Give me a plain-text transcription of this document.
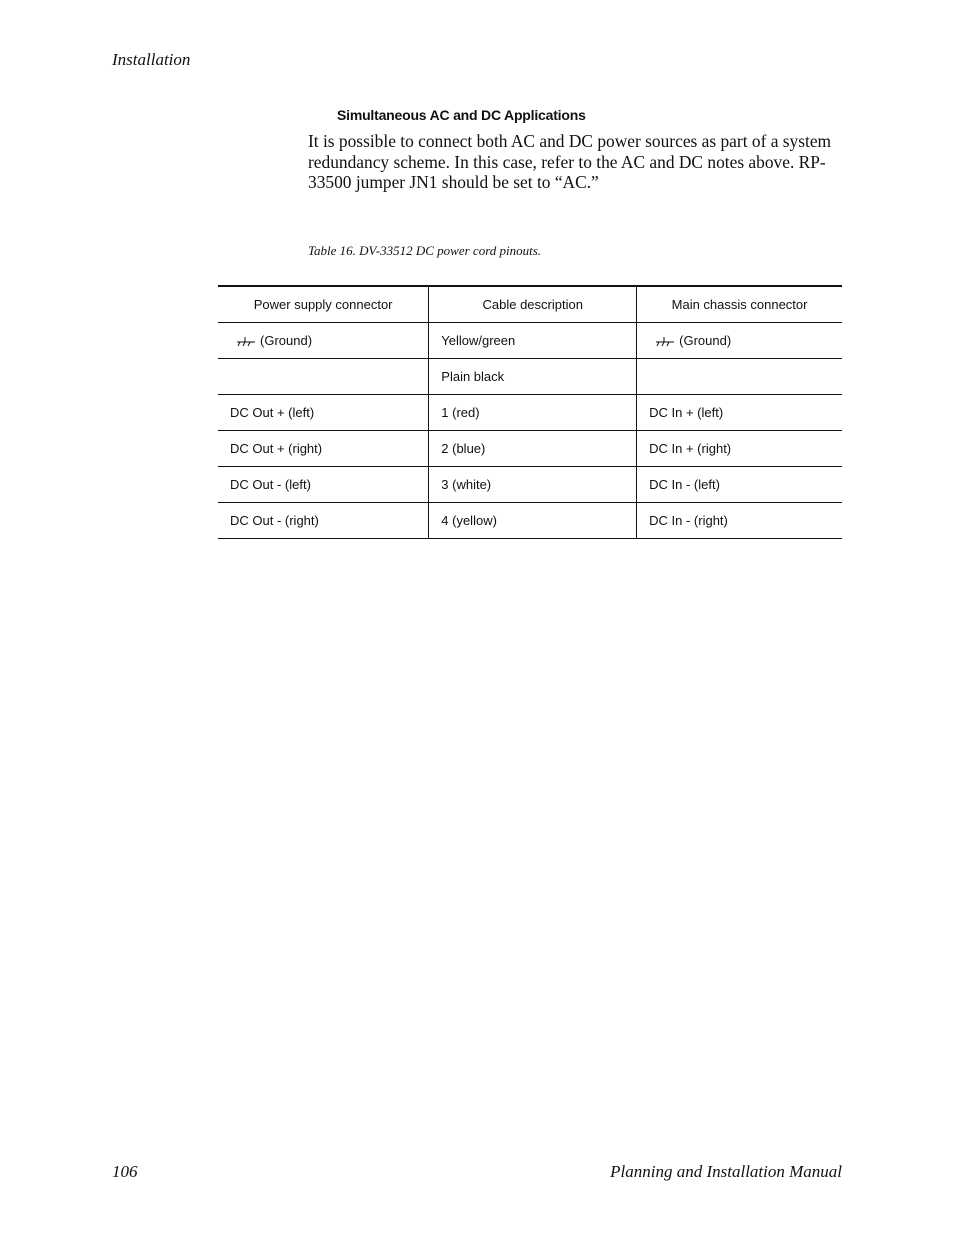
Installation
Simultaneous AC and DC Applications

It is possible to connect both AC and DC power sources as part of a system redundancy scheme. In this case, refer to the AC and DC notes above. RP-33500 jumper JN1 should be set to “AC.”

Table 16. DV-33512 DC power cord pinouts.
Power supply connector	Cable description	Main chassis connector
(Ground)	Yellow/green	(Ground)
	Plain black	
DC Out + (left)	1 (red)	DC In + (left)
DC Out + (right)	2 (blue)	DC In + (right)
DC Out - (left)	3 (white)	DC In - (left)
DC Out - (right)	4 (yellow)	DC In - (right)
106	Planning and Installation Manual
